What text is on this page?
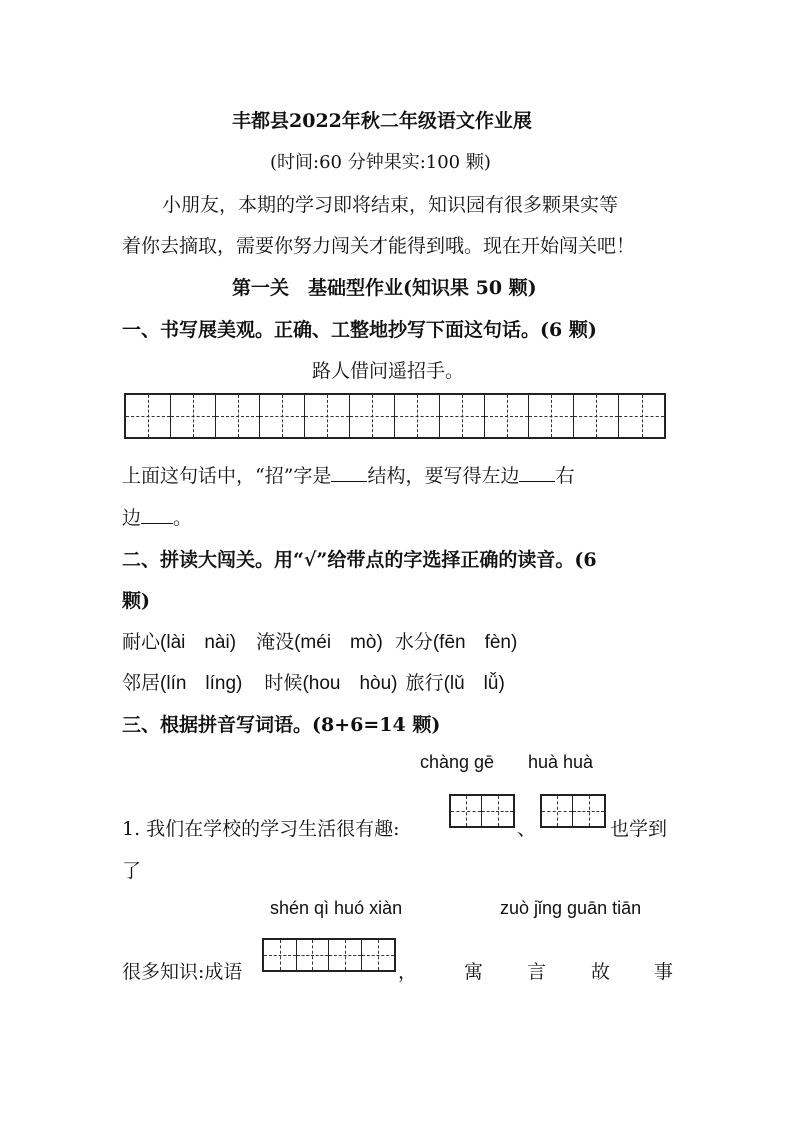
丰都县2022年秋二年级语文作业展
(时间:60 分钟果实:100 颗)
小朋友，本期的学习即将结束，知识园有很多颗果实等
着你去摘取，需要你努力闯关才能得到哦。现在开始闯关吧！
第一关　基础型作业(知识果 50 颗)
一、书写展美观。正确、工整地抄写下面这句话。(6 颗)
路人借问遥招手。
上面这句话中，“招”字是 结构，要写得左边 右
边 。
二、拼读大闯关。用“√”给带点的字选择正确的读音。(6
颗)
耐心(lài　nài) 淹没(méi　mò) 水分(fēn　fèn)
邻居(lín　líng) 时候(hou　hòu) 旅行(lǔ　lǚ)
三、根据拼音写词语。(8+6=14 颗)
chàng gē huà huà
1. 我们在学校的学习生活很有趣:	、	也学到
了
shén qì huó xiàn	zuò jǐng guān tiān
很多知识:成语	， 寓 言 故 事
